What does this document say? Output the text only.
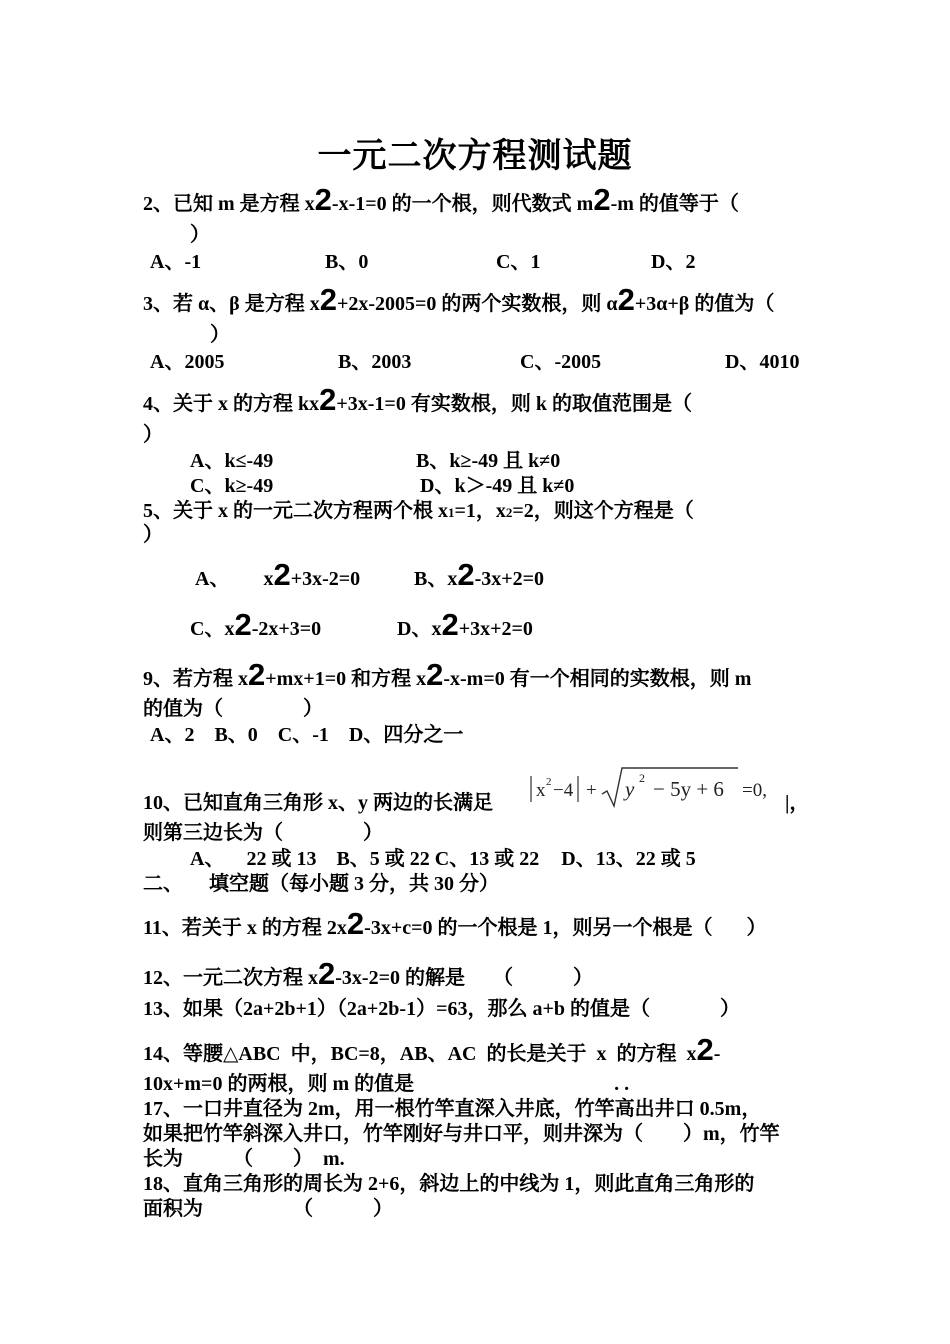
一元二次方程测试题
2、已知 m 是方程 x2-x-1=0 的一个根，则代数式 m2-m 的值等于（
）
A、-1	B、0	C、1	D、2
3、若 α、β 是方程 x2+2x-2005=0 的两个实数根，则 α2+3α+β 的值为（
）
A、2005	B、2003	C、-2005	D、4010
4、关于 x 的方程 kx2+3x-1=0 有实数根，则 k 的取值范围是（
）
A、k≤-49	B、k≥-49 且 k≠0
C、k≥-49	D、k＞-49 且 k≠0
5、关于 x 的一元二次方程两个根 x1=1，x2=2，则这个方程是（
）
A、 x2+3x-2=0	B、x2-3x+2=0
C、x2-2x+3=0	D、x2+3x+2=0
9、若方程 x2+mx+1=0 和方程 x2-x-m=0 有一个相同的实数根，则 m
的值为（　　　　）
A、2　B、0　C、-1　D、四分之一
10、已知直角三角形 x、y 两边的长满足
x 2 −4 + y 2 − 5y + 6 =0,
|，
则第三边长为（　　　　）
A、 22 或 13　B、5 或 22 C、13 或 22 D、13、22 或 5
二、 填空题（每小题 3 分，共 30 分）
11、若关于 x 的方程 2x2-3x+c=0 的一个根是 1，则另一个根是（ ）
12、一元二次方程 x2-3x-2=0 的解是 （　　　）
13、如果（2a+2b+1）（2a+2b-1）=63，那么 a+b 的值是（	）
14、等腰△ABC 中，BC=8，AB、AC 的长是关于 x 的方程 x2-
10x+m=0 的两根，则 m 的值是	. .
17、一口井直径为 2m，用一根竹竿直深入井底，竹竿高出井口 0.5m，
如果把竹竿斜深入井口，竹竿刚好与井口平，则井深为（　　）m，竹竿
长为　　　（　　）　m.
18、直角三角形的周长为 2+6，斜边上的中线为 1，则此直角三角形的
面积为　　　　　（　　　）
